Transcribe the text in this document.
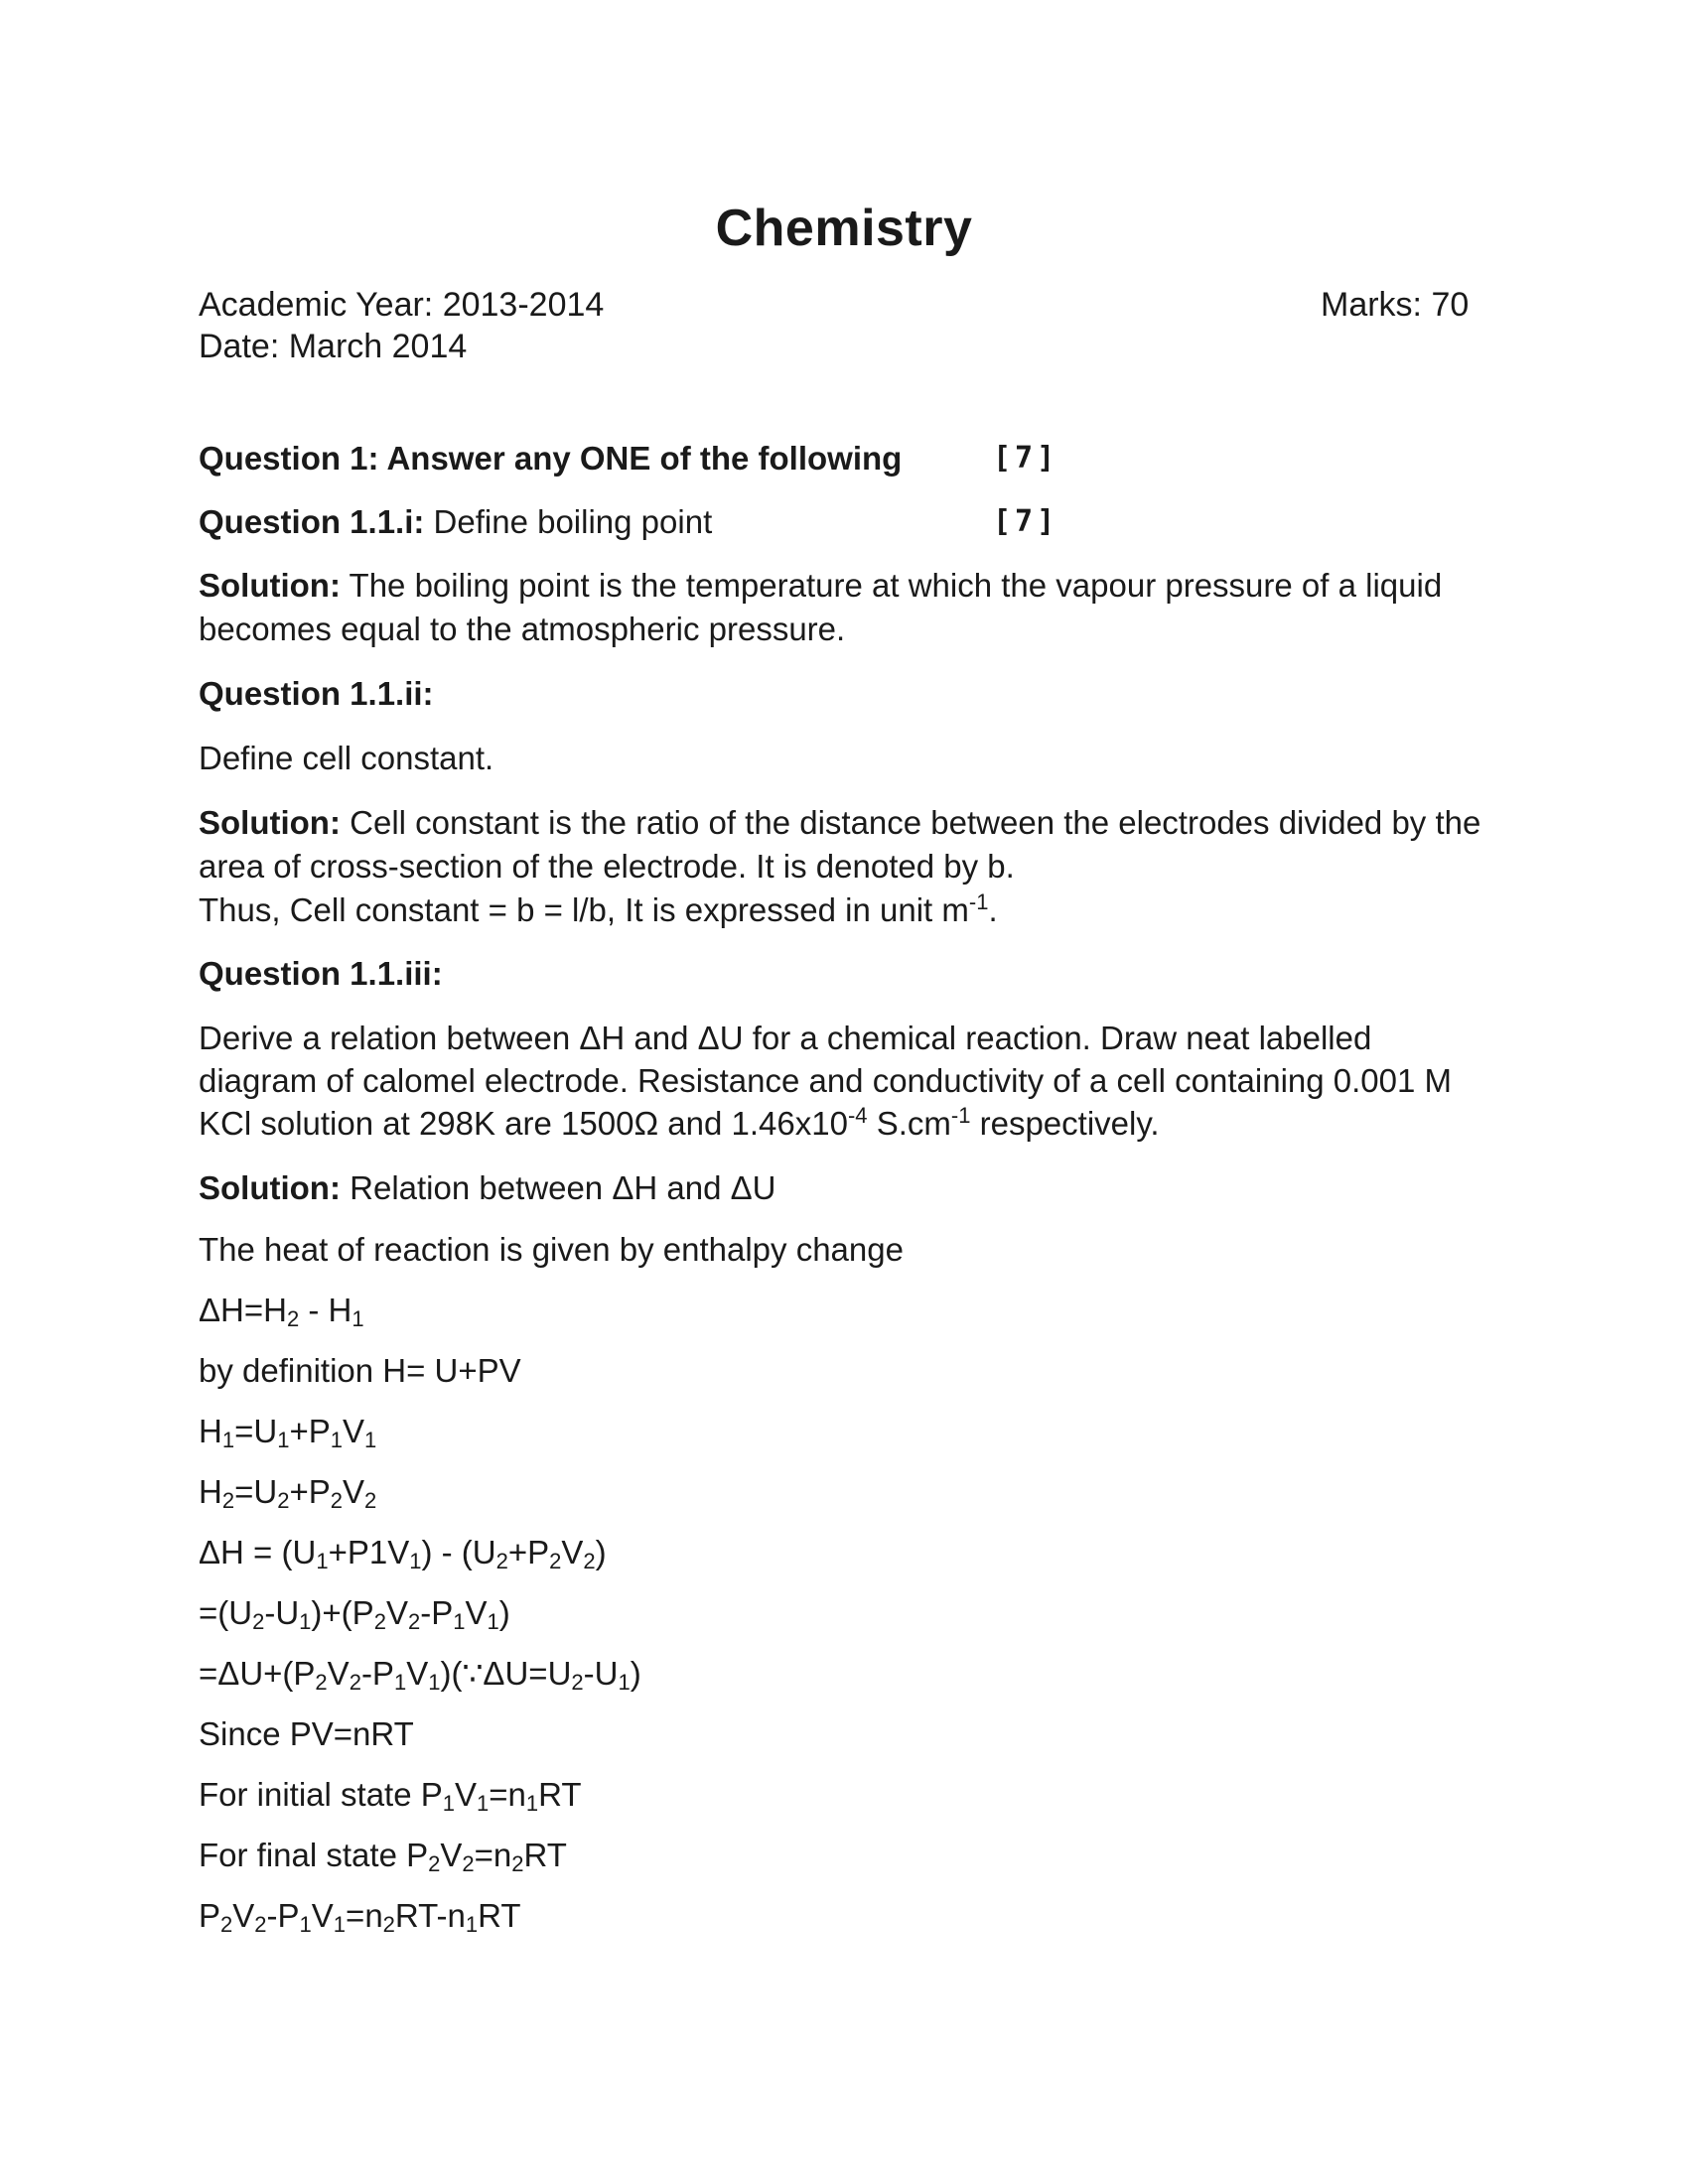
Chemistry
Academic Year: 2013-2014
Date: March 2014
Marks: 70
Question 1: Answer any ONE of the following	[7]
Question 1.1.i: Define boiling point	[7]
Solution: The boiling point is the temperature at which the vapour pressure of a liquid becomes equal to the atmospheric pressure.
Question 1.1.ii:
Define cell constant.
Solution: Cell constant is the ratio of the distance between the electrodes divided by the area of cross-section of the electrode. It is denoted by b.
Thus, Cell constant = b = l/b, It is expressed in unit $m^{-1}$.
Question 1.1.iii:
Derive a relation between ΔH and ΔU for a chemical reaction. Draw neat labelled
diagram of calomel electrode. Resistance and conductivity of a cell containing 0.001 M
KCl solution at 298K are 1500Ω and $1.46x10^{-4}$ $S.cm^{-1}$ respectively.
Solution: Relation between ΔH and ΔU
The heat of reaction is given by enthalpy change
$\Delta H=H_2 - H_1$
by definition H= U+PV
$H_1=U_1+P_1V_1$
$H_2=U_2+P_2V_2$
$\Delta H = (U_1+P1V_1) - (U_2+P_2V_2)$
$=(U_2-U_1)+(P_2V_2-P_1V_1)$
$=\Delta U+(P_2V_2-P_1V_1)(\because\Delta U=U_2-U_1)$
Since PV=nRT
For initial state $P_1V_1=n_1RT$
For final state $P_2V_2=n_2RT$
$P_2V_2-P_1V_1=n_2RT-n_1RT$
